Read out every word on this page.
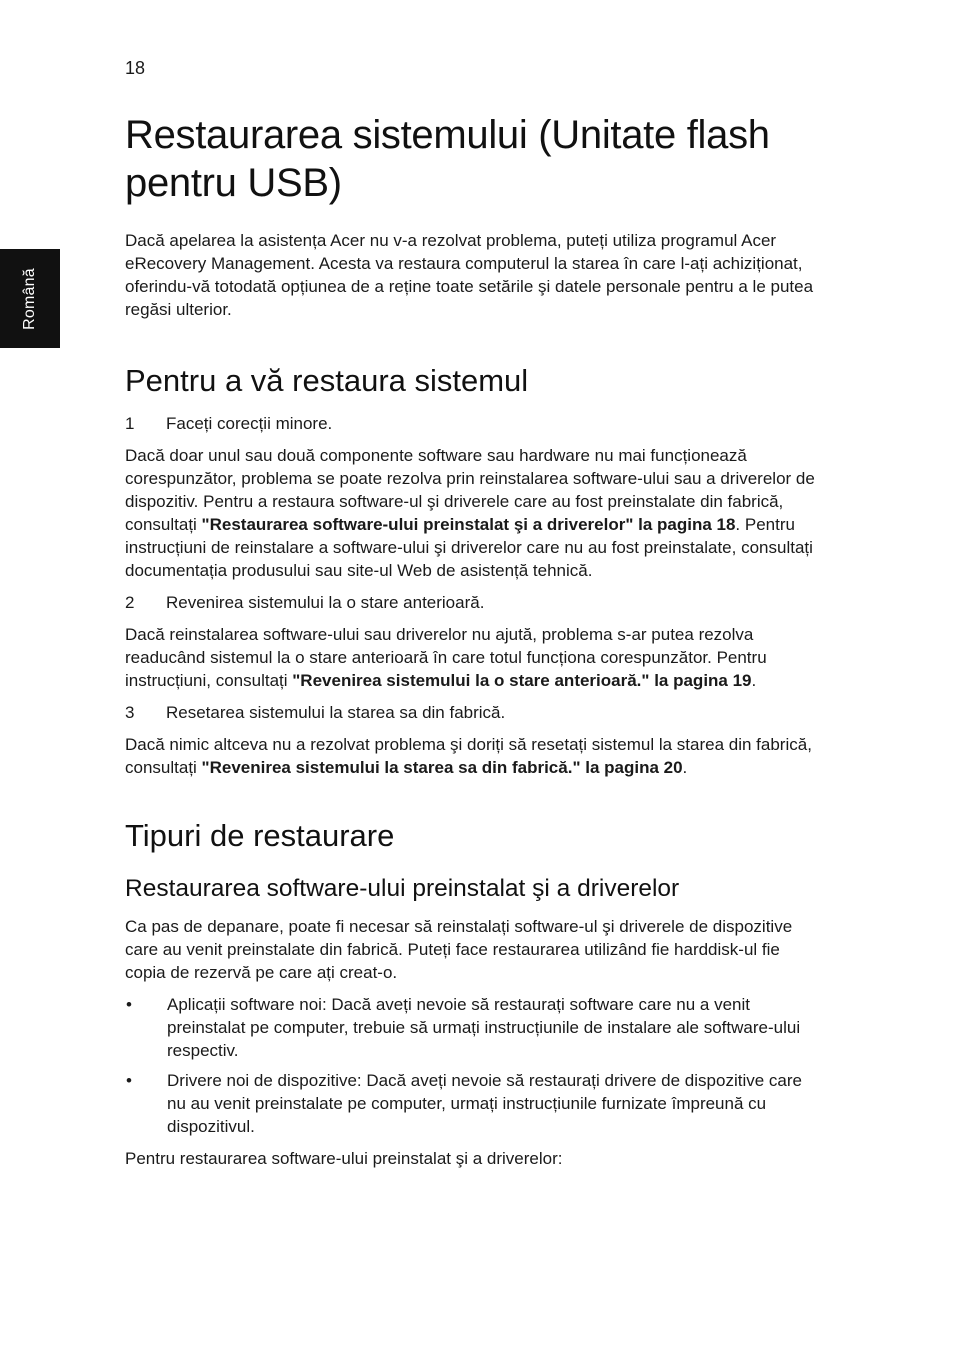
18
Română
Restaurarea sistemului (Unitate flash pentru USB)

Dacă apelarea la asistența Acer nu v-a rezolvat problema, puteți utiliza programul Acer eRecovery Management. Acesta va restaura computerul la starea în care l-ați achiziționat, oferindu-vă totodată opțiunea de a reține toate setările şi datele personale pentru a le putea regăsi ulterior.

Pentru a vă restaura sistemul
1	Faceți corecții minore.

Dacă doar unul sau două componente software sau hardware nu mai funcționează corespunzător, problema se poate rezolva prin reinstalarea software-ului sau a driverelor de dispozitiv. Pentru a restaura software-ul şi driverele care au fost preinstalate din fabrică, consultați "Restaurarea software-ului preinstalat şi a driverelor" la pagina 18. Pentru instrucțiuni de reinstalare a software-ului şi driverelor care nu au fost preinstalate, consultați documentația produsului sau site-ul Web de asistență tehnică.

2	Revenirea sistemului la o stare anterioară.

Dacă reinstalarea software-ului sau driverelor nu ajută, problema s-ar putea rezolva readucând sistemul la o stare anterioară în care totul funcționa corespunzător. Pentru instrucțiuni, consultați "Revenirea sistemului la o stare anterioară." la pagina 19.

3	Resetarea sistemului la starea sa din fabrică.

Dacă nimic altceva nu a rezolvat problema şi doriți să resetați sistemul la starea din fabrică, consultați "Revenirea sistemului la starea sa din fabrică." la pagina 20.

Tipuri de restaurare
Restaurarea software-ului preinstalat şi a driverelor

Ca pas de depanare, poate fi necesar să reinstalați software-ul şi driverele de dispozitive care au venit preinstalate din fabrică. Puteți face restaurarea utilizând fie harddisk-ul fie copia de rezervă pe care ați creat-o.

•	Aplicații software noi: Dacă aveți nevoie să restaurați software care nu a venit preinstalat pe computer, trebuie să urmați instrucțiunile de instalare ale software-ului respectiv.
•	Drivere noi de dispozitive: Dacă aveți nevoie să restaurați drivere de dispozitive care nu au venit preinstalate pe computer, urmați instrucțiunile furnizate împreună cu dispozitivul.

Pentru restaurarea software-ului preinstalat şi a driverelor:
